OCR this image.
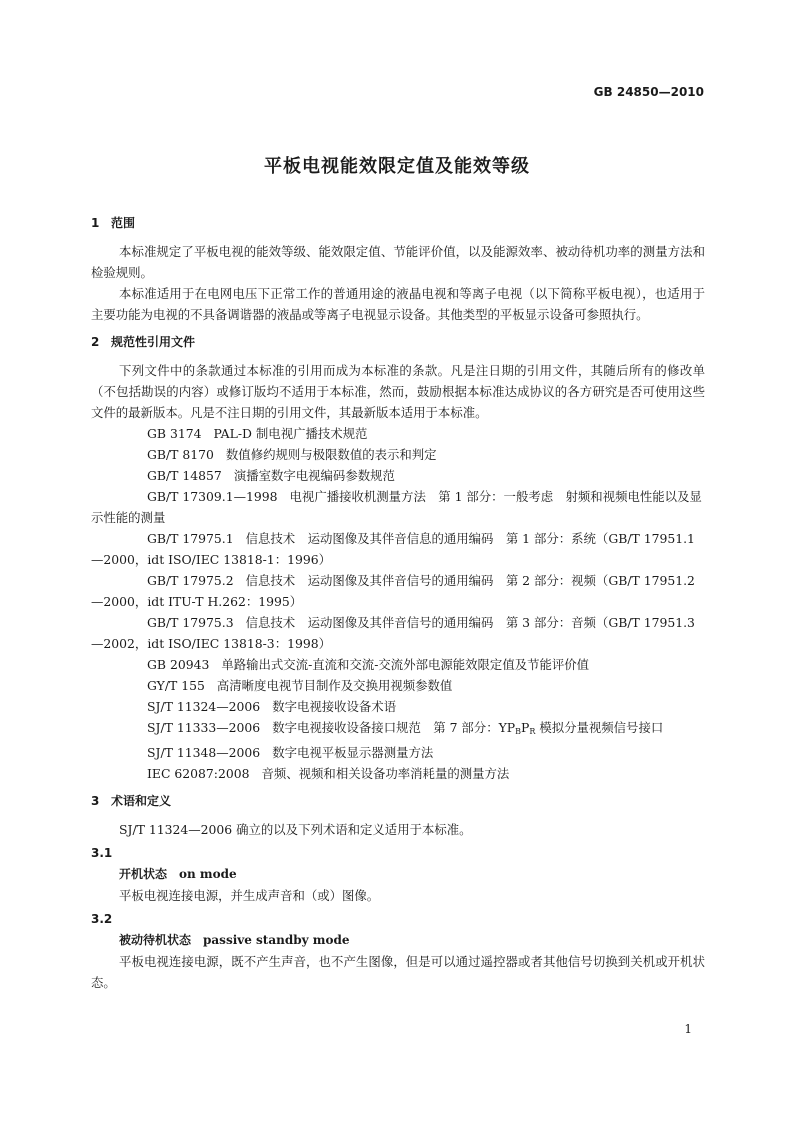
GB 24850—2010
平板电视能效限定值及能效等级
1 范围

本标准规定了平板电视的能效等级、能效限定值、节能评价值，以及能源效率、被动待机功率的测量方法和检验规则。

本标准适用于在电网电压下正常工作的普通用途的液晶电视和等离子电视（以下简称平板电视），也适用于主要功能为电视的不具备调谐器的液晶或等离子电视显示设备。其他类型的平板显示设备可参照执行。

2 规范性引用文件

下列文件中的条款通过本标准的引用而成为本标准的条款。凡是注日期的引用文件，其随后所有的修改单（不包括勘误的内容）或修订版均不适用于本标准，然而，鼓励根据本标准达成协议的各方研究是否可使用这些文件的最新版本。凡是不注日期的引用文件，其最新版本适用于本标准。

GB 3174 PAL-D 制电视广播技术规范

GB/T 8170 数值修约规则与极限数值的表示和判定

GB/T 14857 演播室数字电视编码参数规范

GB/T 17309.1—1998 电视广播接收机测量方法　第 1 部分：一般考虑　射频和视频电性能以及显示性能的测量

GB/T 17975.1 信息技术　运动图像及其伴音信息的通用编码　第 1 部分：系统（GB/T 17951.1—2000，idt ISO/IEC 13818-1：1996）

GB/T 17975.2 信息技术　运动图像及其伴音信号的通用编码　第 2 部分：视频（GB/T 17951.2—2000，idt ITU-T H.262：1995）

GB/T 17975.3 信息技术　运动图像及其伴音信号的通用编码　第 3 部分：音频（GB/T 17951.3—2002，idt ISO/IEC 13818-3：1998）

GB 20943 单路输出式交流-直流和交流-交流外部电源能效限定值及节能评价值

GY/T 155 高清晰度电视节目制作及交换用视频参数值

SJ/T 11324—2006 数字电视接收设备术语

SJ/T 11333—2006 数字电视接收设备接口规范　第 7 部分：$YP_BP_R$ 模拟分量视频信号接口

SJ/T 11348—2006 数字电视平板显示器测量方法

IEC 62087:2008 音频、视频和相关设备功率消耗量的测量方法

3 术语和定义

SJ/T 11324—2006 确立的以及下列术语和定义适用于本标准。

3.1

开机状态 on mode

平板电视连接电源，并生成声音和（或）图像。

3.2

被动待机状态 passive standby mode

平板电视连接电源，既不产生声音，也不产生图像，但是可以通过遥控器或者其他信号切换到关机或开机状态。

1
